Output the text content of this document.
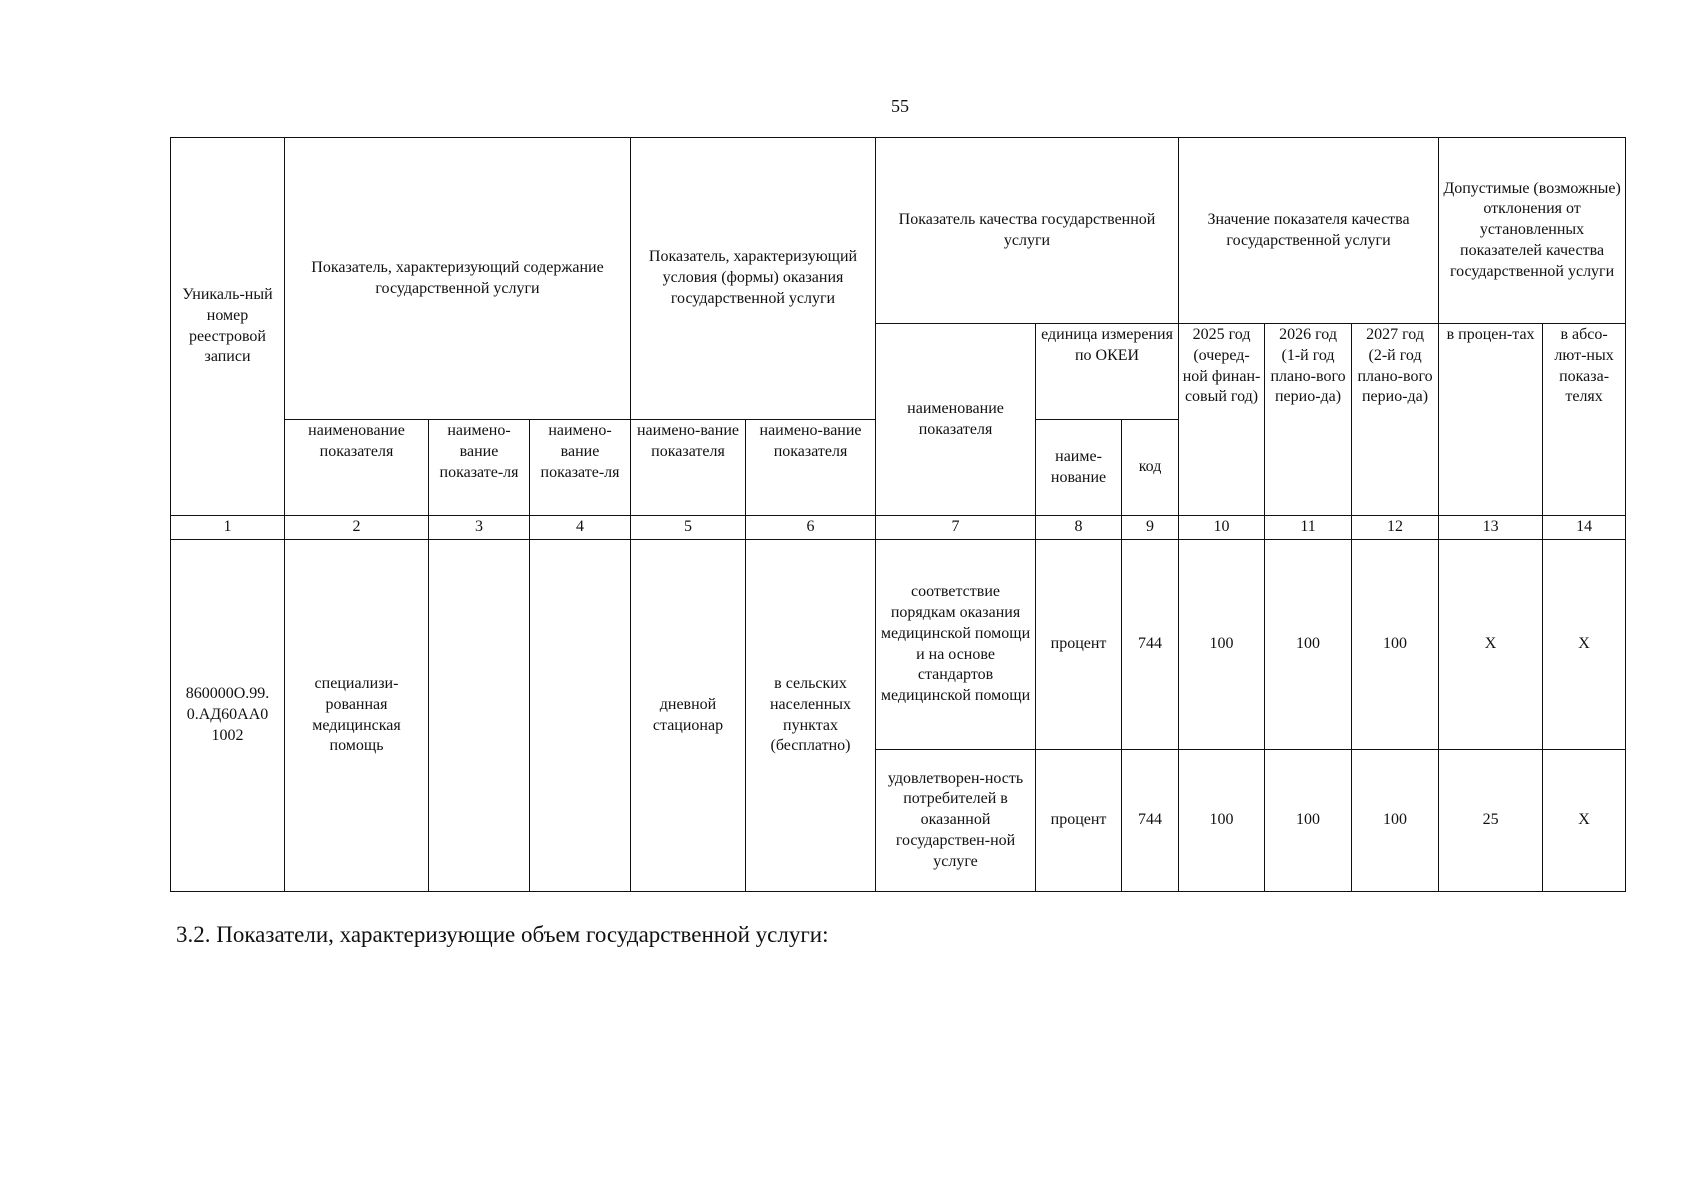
55
Уникаль-ный номер реестровой записи	Показатель, характеризующий содержание государственной услуги			Показатель, характеризующий условия (формы) оказания государственной услуги		Показатель качества государственной услуги			Значение показателя качества государственной услуги			Допустимые (возможные) отклонения от установленных показателей качества государственной услуги	
						наименование показателя	единица измерения по ОКЕИ		2025 год (очеред-ной финан-совый год)	2026 год (1-й год плано-вого перио-да)	2027 год (2-й год плано-вого перио-да)	в процен-тах	в абсо-лют-ных показа-телях
	наименование показателя	наимено-вание показате-ля	наимено-вание показате-ля	наимено-вание показателя	наимено-вание показателя		наиме-нование	код					
1	2	3	4	5	6	7	8	9	10	11	12	13	14
860000О.99.0.АД60АА01002	специализи-рованная медицинская помощь			дневной стационар	в сельских населенных пунктах (бесплатно)	соответствие порядкам оказания медицинской помощи и на основе стандартов медицинской помощи	процент	744	100	100	100	Х	Х
						удовлетворен-ность потребителей в оказанной государствен-ной услуге	процент	744	100	100	100	25	Х
3.2. Показатели, характеризующие объем государственной услуги:
